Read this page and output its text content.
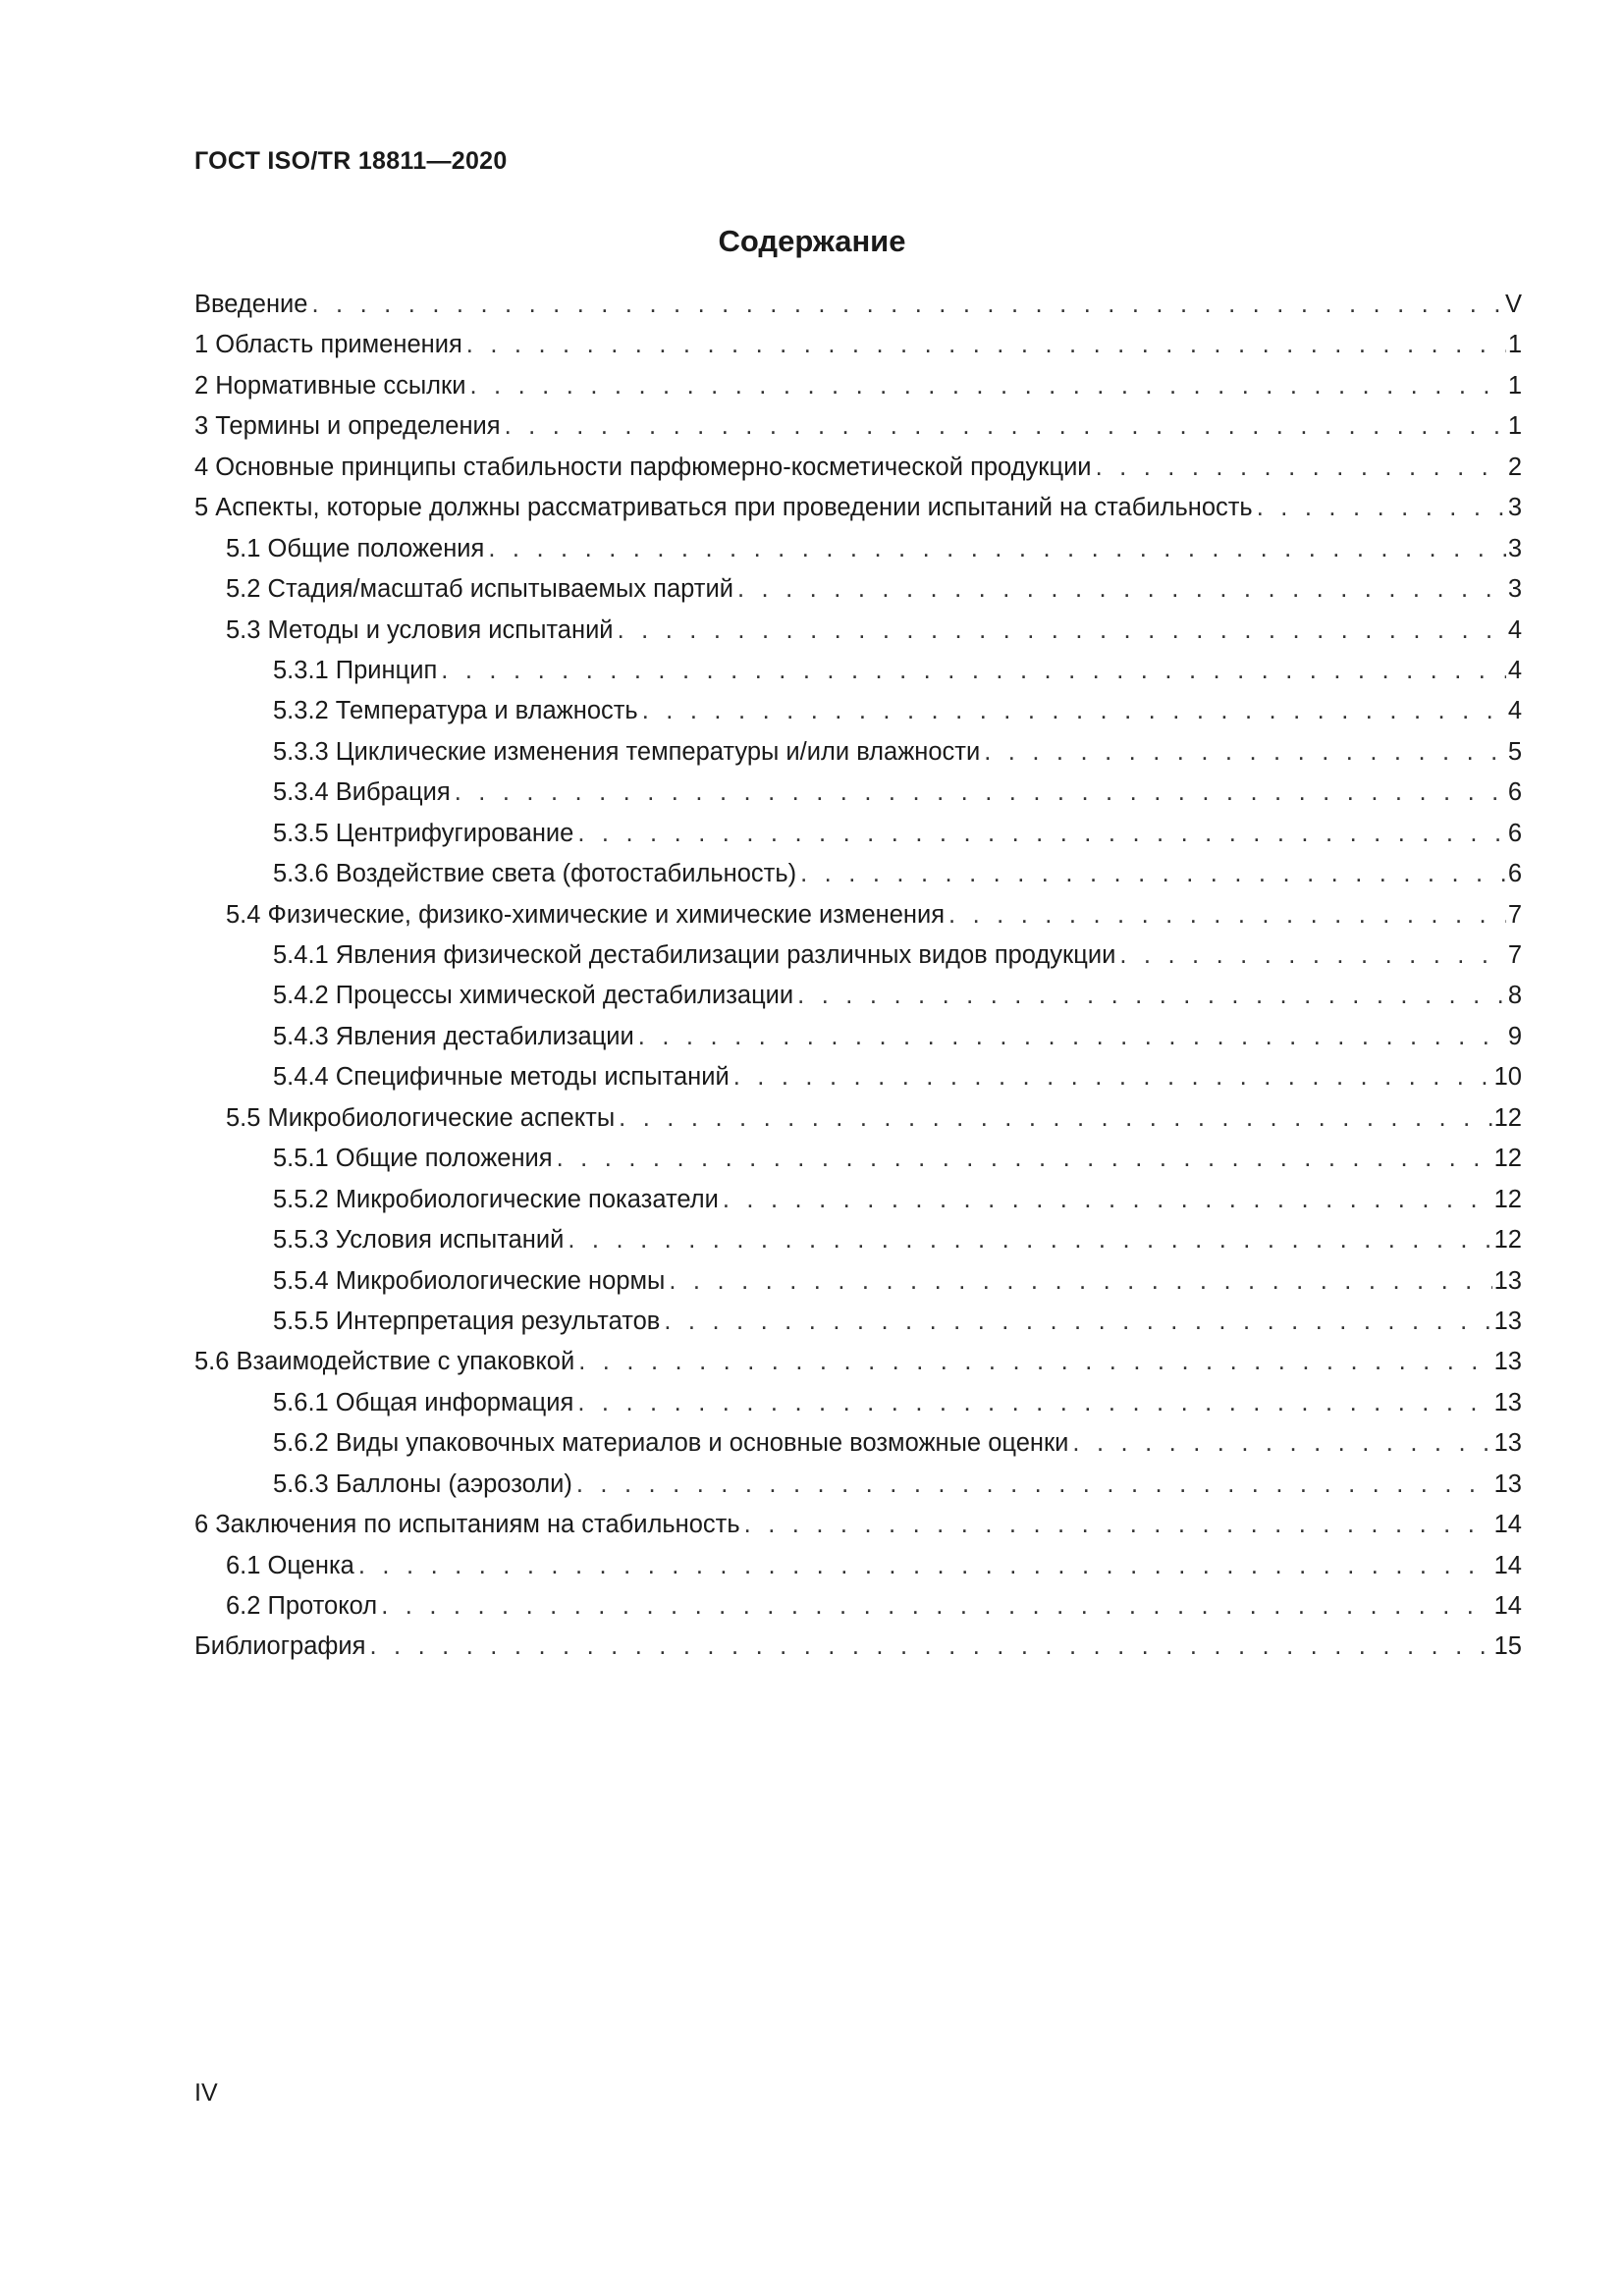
ГОСТ ISO/TR 18811—2020
Содержание
Введение . . .	V
1 Область применения . . .	1
2 Нормативные ссылки . . .	1
3 Термины и определения . . .	1
4 Основные принципы стабильности парфюмерно-косметической продукции . . .	2
5 Аспекты, которые должны рассматриваться при проведении испытаний на стабильность . . .	3
5.1 Общие положения . . .	3
5.2 Стадия/масштаб испытываемых партий . . .	3
5.3 Методы и условия испытаний . . .	4
5.3.1 Принцип . . .	4
5.3.2 Температура и влажность . . .	4
5.3.3 Циклические изменения температуры и/или влажности . . .	5
5.3.4 Вибрация . . .	6
5.3.5 Центрифугирование . . .	6
5.3.6 Воздействие света (фотостабильность) . . .	6
5.4 Физические, физико-химические и химические изменения . . .	7
5.4.1 Явления физической дестабилизации различных видов продукции . . .	7
5.4.2 Процессы химической дестабилизации . . .	8
5.4.3 Явления дестабилизации . . .	9
5.4.4 Специфичные методы испытаний . . .	10
5.5 Микробиологические аспекты . . .	12
5.5.1 Общие положения . . .	12
5.5.2 Микробиологические показатели . . .	12
5.5.3 Условия испытаний . . .	12
5.5.4 Микробиологические нормы . . .	13
5.5.5 Интерпретация результатов . . .	13
5.6 Взаимодействие с упаковкой . . .	13
5.6.1 Общая информация . . .	13
5.6.2 Виды упаковочных материалов и основные возможные оценки . . .	13
5.6.3 Баллоны (аэрозоли) . . .	13
6 Заключения по испытаниям на стабильность . . .	14
6.1 Оценка . . .	14
6.2 Протокол . . .	14
Библиография . . .	15
IV
